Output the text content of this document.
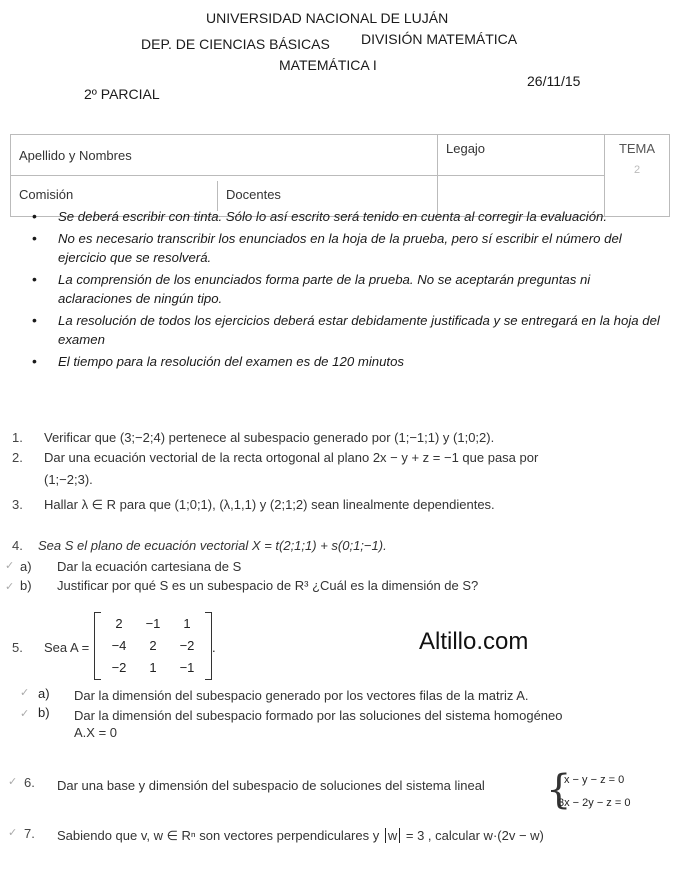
UNIVERSIDAD NACIONAL DE LUJÁN
DEP. DE CIENCIAS BÁSICAS DIVISIÓN MATEMÁTICA
MATEMÁTICA I
26/11/15
2º PARCIAL
Apellido y Nombres	Legajo	TEMA
2

Comisión Docentes		

• Se deberá escribir con tinta. Sólo lo así escrito será tenido en cuenta al corregir la evaluación.
• No es necesario transcribir los enunciados en la hoja de la prueba, pero sí escribir el número del ejercicio que se resolverá.
• La comprensión de los enunciados forma parte de la prueba. No se aceptarán preguntas ni aclaraciones de ningún tipo.
• La resolución de todos los ejercicios deberá estar debidamente justificada y se entregará en la hoja del examen
• El tiempo para la resolución del examen es de 120 minutos
1. Verificar que (3;−2;4) pertenece al subespacio generado por (1;−1;1) y (1;0;2).
2. Dar una ecuación vectorial de la recta ortogonal al plano 2x − y + z = −1 que pasa por
(1;−2;3).
3. Hallar λ ∈ R para que (1;0;1), (λ,1,1) y (2;1;2) sean linealmente dependientes.
4. Sea S el plano de ecuación vectorial X = t(2;1;1) + s(0;1;−1).
✓ a) Dar la ecuación cartesiana de S
✓ b) Justificar por qué S es un subespacio de R³ ¿Cuál es la dimensión de S?
5. Sea A =
2	−1	1
−4	2	−2
−2	1	−1
.	Altillo.com
✓ a) Dar la dimensión del subespacio generado por los vectores filas de la matriz A.
✓ b) Dar la dimensión del subespacio formado por las soluciones del sistema homogéneo
A.X = 0
✓ 6. Dar una base y dimensión del subespacio de soluciones del sistema lineal {
x − y − z = 0
3x − 2y − z = 0
✓ 7. Sabiendo que v, w ∈ Rⁿ son vectores perpendiculares y w = 3 , calcular w·(2v − w)
